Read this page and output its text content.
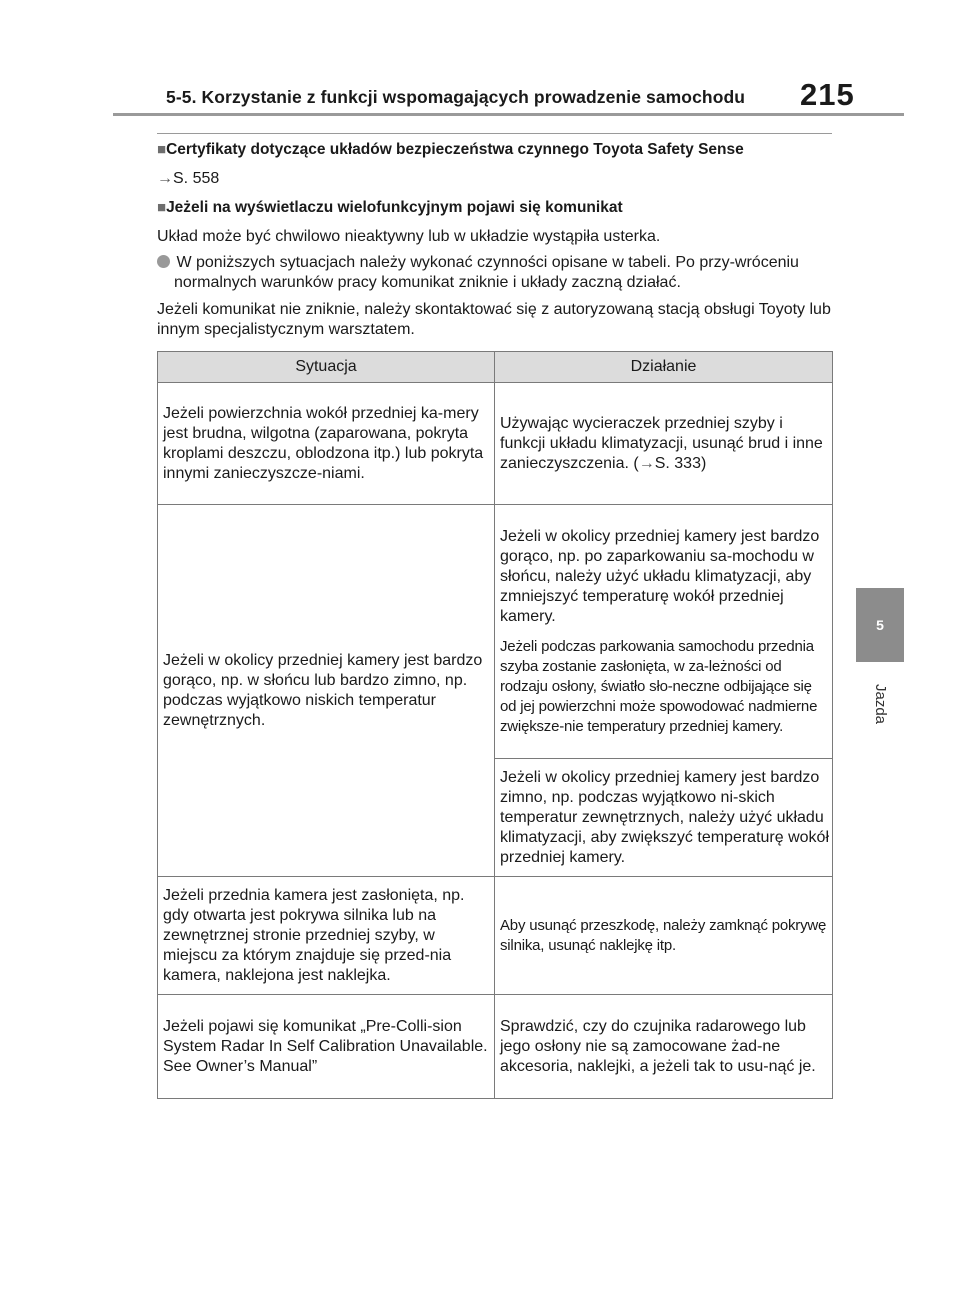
5-5. Korzystanie z funkcji wspomagających prowadzenie samochodu 215
5
Jazda

■Certyfikaty dotyczące układów bezpieczeństwa czynnego Toyota Safety Sense

→S. 558

■Jeżeli na wyświetlaczu wielofunkcyjnym pojawi się komunikat

Układ może być chwilowo nieaktywny lub w układzie wystąpiła usterka.

W poniższych sytuacjach należy wykonać czynności opisane w tabeli. Po przy-wróceniu normalnych warunków pracy komunikat zniknie i układy zaczną działać.

Jeżeli komunikat nie zniknie, należy skontaktować się z autoryzowaną stacją obsługi Toyoty lub innym specjalistycznym warsztatem.

Sytuacja	Działanie
Jeżeli powierzchnia wokół przedniej ka-mery jest brudna, wilgotna (zaparowana, pokryta kroplami deszczu, oblodzona itp.) lub pokryta innymi zanieczyszcze-niami.	Używając wycieraczek przedniej szyby i funkcji układu klimatyzacji, usunąć brud i inne zanieczyszczenia. (→S. 333)
Jeżeli w okolicy przedniej kamery jest bardzo gorąco, np. w słońcu lub bardzo zimno, np. podczas wyjątkowo niskich temperatur zewnętrznych.	Jeżeli w okolicy przedniej kamery jest bardzo gorąco, np. po zaparkowaniu sa-mochodu w słońcu, należy użyć układu klimatyzacji, aby zmniejszyć temperaturę wokół przedniej kamery.

Jeżeli podczas parkowania samochodu przednia szyba zostanie zasłonięta, w za-leżności od rodzaju osłony, światło sło-neczne odbijające się od jej powierzchni może spowodować nadmierne zwiększe-nie temperatury przedniej kamery.

	Jeżeli w okolicy przedniej kamery jest bardzo zimno, np. podczas wyjątkowo ni-skich temperatur zewnętrznych, należy użyć układu klimatyzacji, aby zwiększyć temperaturę wokół przedniej kamery.
Jeżeli przednia kamera jest zasłonięta, np. gdy otwarta jest pokrywa silnika lub na zewnętrznej stronie przedniej szyby, w miejscu za którym znajduje się przed-nia kamera, naklejona jest naklejka.	Aby usunąć przeszkodę, należy zamknąć pokrywę silnika, usunąć naklejkę itp.
Jeżeli pojawi się komunikat „Pre-Colli-sion System Radar In Self Calibration Unavailable. See Owner’s Manual”	Sprawdzić, czy do czujnika radarowego lub jego osłony nie są zamocowane żad-ne akcesoria, naklejki, a jeżeli tak to usu-nąć je.
